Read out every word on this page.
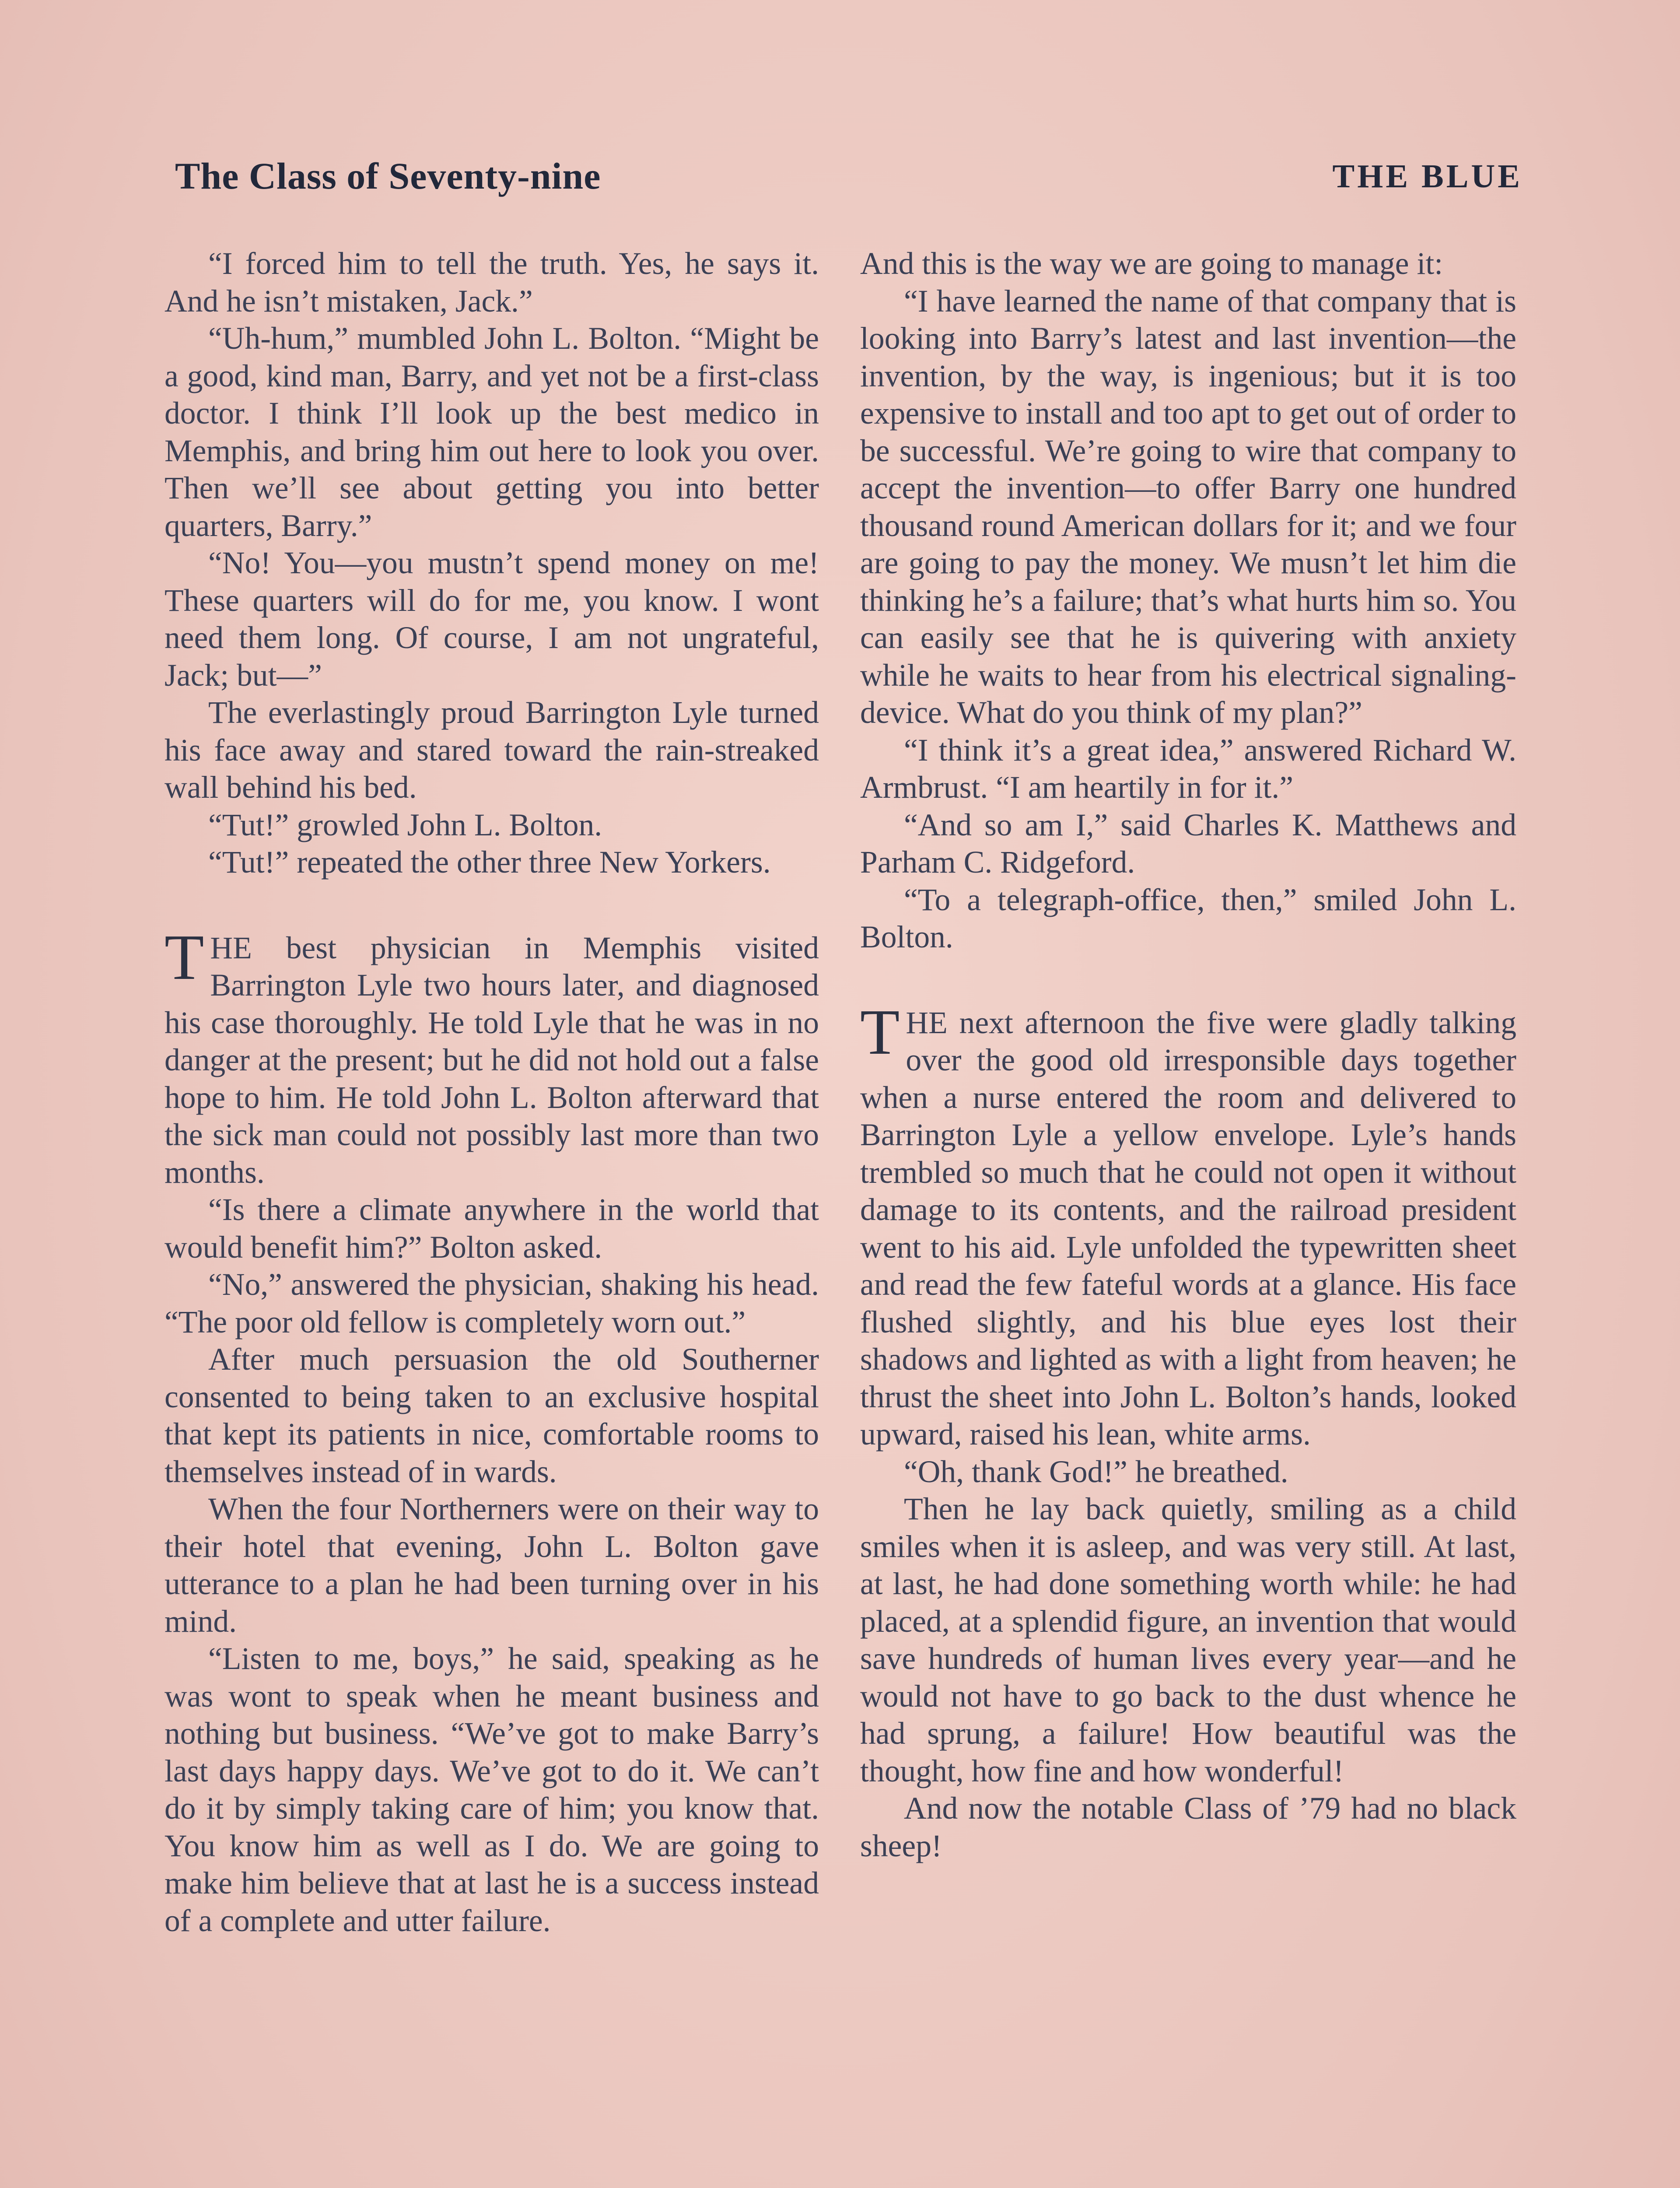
The Class of Seventy-nine	THE BLUE

“I forced him to tell the truth. Yes, he says it. And he isn’t mistaken, Jack.”

“Uh-hum,” mumbled John L. Bolton. “Might be a good, kind man, Barry, and yet not be a first-class doctor. I think I’ll look up the best medico in Memphis, and bring him out here to look you over. Then we’ll see about getting you into better quarters, Barry.”

“No! You—you mustn’t spend money on me! These quarters will do for me, you know. I wont need them long. Of course, I am not ungrateful, Jack; but—”

The everlastingly proud Barrington Lyle turned his face away and stared toward the rain-streaked wall behind his bed.

“Tut!” growled John L. Bolton.

“Tut!” repeated the other three New Yorkers.

THE best physician in Memphis visited Barrington Lyle two hours later, and diagnosed his case thoroughly. He told Lyle that he was in no danger at the present; but he did not hold out a false hope to him. He told John L. Bolton afterward that the sick man could not possibly last more than two months.

“Is there a climate anywhere in the world that would benefit him?” Bolton asked.

“No,” answered the physician, shaking his head. “The poor old fellow is completely worn out.”

After much persuasion the old Southerner consented to being taken to an exclusive hospital that kept its patients in nice, comfortable rooms to themselves instead of in wards.

When the four Northerners were on their way to their hotel that evening, John L. Bolton gave utterance to a plan he had been turning over in his mind.

“Listen to me, boys,” he said, speaking as he was wont to speak when he meant business and nothing but business. “We’ve got to make Barry’s last days happy days. We’ve got to do it. We can’t do it by simply taking care of him; you know that. You know him as well as I do. We are going to make him believe that at last he is a success instead of a complete and utter failure.

And this is the way we are going to manage it:

“I have learned the name of that company that is looking into Barry’s latest and last invention—the invention, by the way, is ingenious; but it is too expensive to install and too apt to get out of order to be successful. We’re going to wire that company to accept the invention—to offer Barry one hundred thousand round American dollars for it; and we four are going to pay the money. We musn’t let him die thinking he’s a failure; that’s what hurts him so. You can easily see that he is quivering with anxiety while he waits to hear from his electrical signaling-device. What do you think of my plan?”

“I think it’s a great idea,” answered Richard W. Armbrust. “I am heartily in for it.”

“And so am I,” said Charles K. Matthews and Parham C. Ridgeford.

“To a telegraph-office, then,” smiled John L. Bolton.

THE next afternoon the five were gladly talking over the good old irresponsible days together when a nurse entered the room and delivered to Barrington Lyle a yellow envelope. Lyle’s hands trembled so much that he could not open it without damage to its contents, and the railroad president went to his aid. Lyle unfolded the typewritten sheet and read the few fateful words at a glance. His face flushed slightly, and his blue eyes lost their shadows and lighted as with a light from heaven; he thrust the sheet into John L. Bolton’s hands, looked upward, raised his lean, white arms.

“Oh, thank God!” he breathed.

Then he lay back quietly, smiling as a child smiles when it is asleep, and was very still. At last, at last, he had done something worth while: he had placed, at a splendid figure, an invention that would save hundreds of human lives every year—and he would not have to go back to the dust whence he had sprung, a failure! How beautiful was the thought, how fine and how wonderful!

And now the notable Class of ’79 had no black sheep!
